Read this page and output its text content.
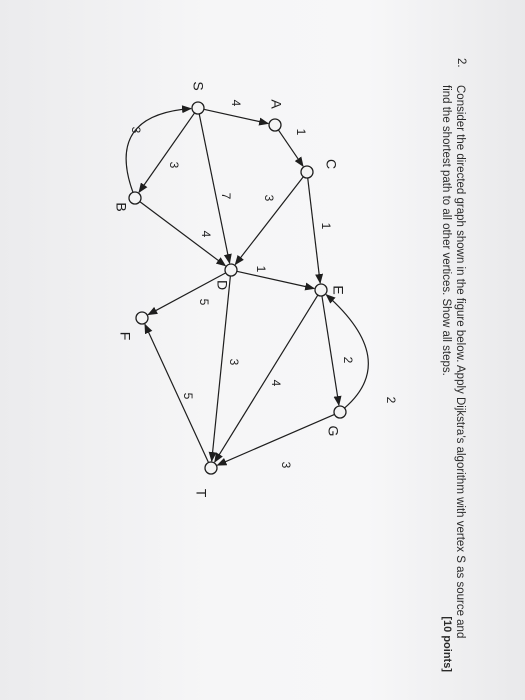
2.
Consider the directed graph shown in the figure below. Apply Dijkstra’s algorithm with vertex S as source and find the shortest path to all other vertices. Show all steps.
[10 points]
4
3
3
7
1
1
3
4
1
5
3	2
2
4
3
5
S
A
B
C
D	E
F
G
T
